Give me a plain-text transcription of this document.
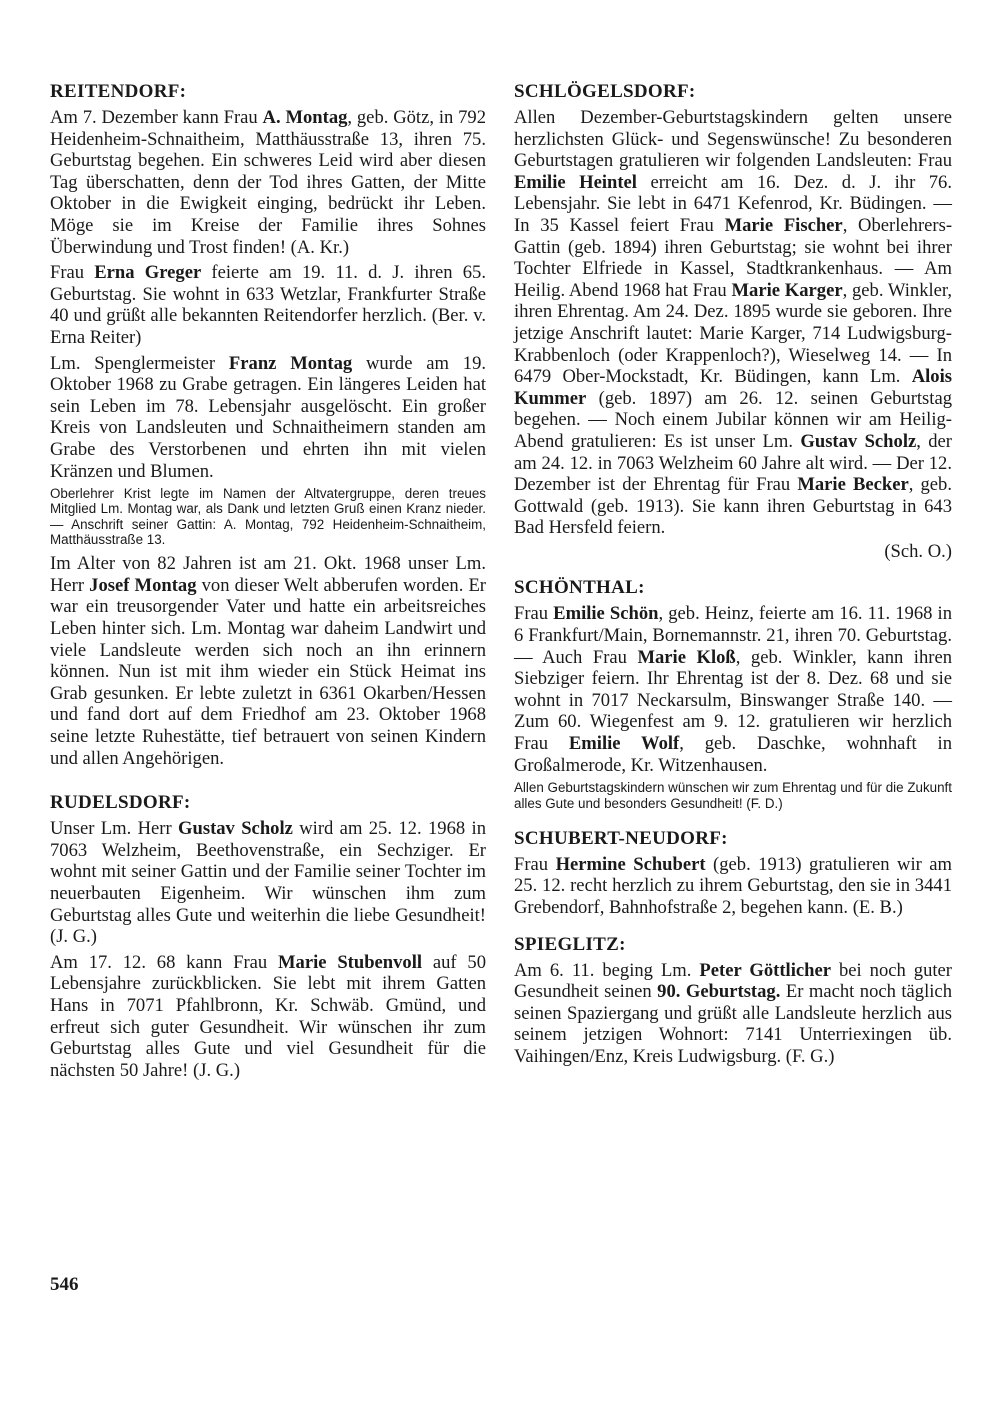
REITENDORF:

Am 7. Dezember kann Frau A. Montag, geb. Götz, in 792 Heidenheim-Schnaitheim, Matthäusstraße 13, ihren 75. Geburtstag begehen. Ein schweres Leid wird aber diesen Tag überschatten, denn der Tod ihres Gatten, der Mitte Oktober in die Ewigkeit einging, bedrückt ihr Leben. Möge sie im Kreise der Familie ihres Sohnes Überwindung und Trost finden! (A. Kr.)

Frau Erna Greger feierte am 19. 11. d. J. ihren 65. Geburtstag. Sie wohnt in 633 Wetzlar, Frankfurter Straße 40 und grüßt alle bekannten Reitendorfer herzlich. (Ber. v. Erna Reiter)

Lm. Spenglermeister Franz Montag wurde am 19. Oktober 1968 zu Grabe getragen. Ein längeres Leiden hat sein Leben im 78. Lebensjahr ausgelöscht. Ein großer Kreis von Landsleuten und Schnaitheimern standen am Grabe des Verstorbenen und ehrten ihn mit vielen Kränzen und Blumen.

Oberlehrer Krist legte im Namen der Altvatergruppe, deren treues Mitglied Lm. Montag war, als Dank und letzten Gruß einen Kranz nieder. — Anschrift seiner Gattin: A. Montag, 792 Heidenheim-Schnaitheim, Matthäusstraße 13.

Im Alter von 82 Jahren ist am 21. Okt. 1968 unser Lm. Herr Josef Montag von dieser Welt abberufen worden. Er war ein treusorgender Vater und hatte ein arbeitsreiches Leben hinter sich. Lm. Montag war daheim Landwirt und viele Landsleute werden sich noch an ihn erinnern können. Nun ist mit ihm wieder ein Stück Heimat ins Grab gesunken. Er lebte zuletzt in 6361 Okarben/Hessen und fand dort auf dem Friedhof am 23. Oktober 1968 seine letzte Ruhestätte, tief betrauert von seinen Kindern und allen Angehörigen.

RUDELSDORF:

Unser Lm. Herr Gustav Scholz wird am 25. 12. 1968 in 7063 Welzheim, Beethovenstraße, ein Sechziger. Er wohnt mit seiner Gattin und der Familie seiner Tochter im neuerbauten Eigenheim. Wir wünschen ihm zum Geburtstag alles Gute und weiterhin die liebe Gesundheit! (J. G.)

Am 17. 12. 68 kann Frau Marie Stubenvoll auf 50 Lebensjahre zurückblicken. Sie lebt mit ihrem Gatten Hans in 7071 Pfahlbronn, Kr. Schwäb. Gmünd, und erfreut sich guter Gesundheit. Wir wünschen ihr zum Geburtstag alles Gute und viel Gesundheit für die nächsten 50 Jahre! (J. G.)

SCHLÖGELSDORF:

Allen Dezember-Geburtstagskindern gelten unsere herzlichsten Glück- und Segenswünsche! Zu besonderen Geburtstagen gratulieren wir folgenden Landsleuten: Frau Emilie Heintel erreicht am 16. Dez. d. J. ihr 76. Lebensjahr. Sie lebt in 6471 Kefenrod, Kr. Büdingen. — In 35 Kassel feiert Frau Marie Fischer, Oberlehrers-Gattin (geb. 1894) ihren Geburtstag; sie wohnt bei ihrer Tochter Elfriede in Kassel, Stadtkrankenhaus. — Am Heilig. Abend 1968 hat Frau Marie Karger, geb. Winkler, ihren Ehrentag. Am 24. Dez. 1895 wurde sie geboren. Ihre jetzige Anschrift lautet: Marie Karger, 714 Ludwigsburg-Krabbenloch (oder Krappenloch?), Wieselweg 14. — In 6479 Ober-Mockstadt, Kr. Büdingen, kann Lm. Alois Kummer (geb. 1897) am 26. 12. seinen Geburtstag begehen. — Noch einem Jubilar können wir am Heilig-Abend gratulieren: Es ist unser Lm. Gustav Scholz, der am 24. 12. in 7063 Welzheim 60 Jahre alt wird. — Der 12. Dezember ist der Ehrentag für Frau Marie Becker, geb. Gottwald (geb. 1913). Sie kann ihren Geburtstag in 643 Bad Hersfeld feiern.

(Sch. O.)

SCHÖNTHAL:

Frau Emilie Schön, geb. Heinz, feierte am 16. 11. 1968 in 6 Frankfurt/Main, Bornemannstr. 21, ihren 70. Geburtstag. — Auch Frau Marie Kloß, geb. Winkler, kann ihren Siebziger feiern. Ihr Ehrentag ist der 8. Dez. 68 und sie wohnt in 7017 Neckarsulm, Binswanger Straße 140. — Zum 60. Wiegenfest am 9. 12. gratulieren wir herzlich Frau Emilie Wolf, geb. Daschke, wohnhaft in Großalmerode, Kr. Witzenhausen.

Allen Geburtstagskindern wünschen wir zum Ehrentag und für die Zukunft alles Gute und besonders Gesundheit! (F. D.)

SCHUBERT-NEUDORF:

Frau Hermine Schubert (geb. 1913) gratulieren wir am 25. 12. recht herzlich zu ihrem Geburtstag, den sie in 3441 Grebendorf, Bahnhofstraße 2, begehen kann. (E. B.)

SPIEGLITZ:

Am 6. 11. beging Lm. Peter Göttlicher bei noch guter Gesundheit seinen 90. Geburtstag. Er macht noch täglich seinen Spaziergang und grüßt alle Landsleute herzlich aus seinem jetzigen Wohnort: 7141 Unterriexingen üb. Vaihingen/Enz, Kreis Ludwigsburg. (F. G.)

546
